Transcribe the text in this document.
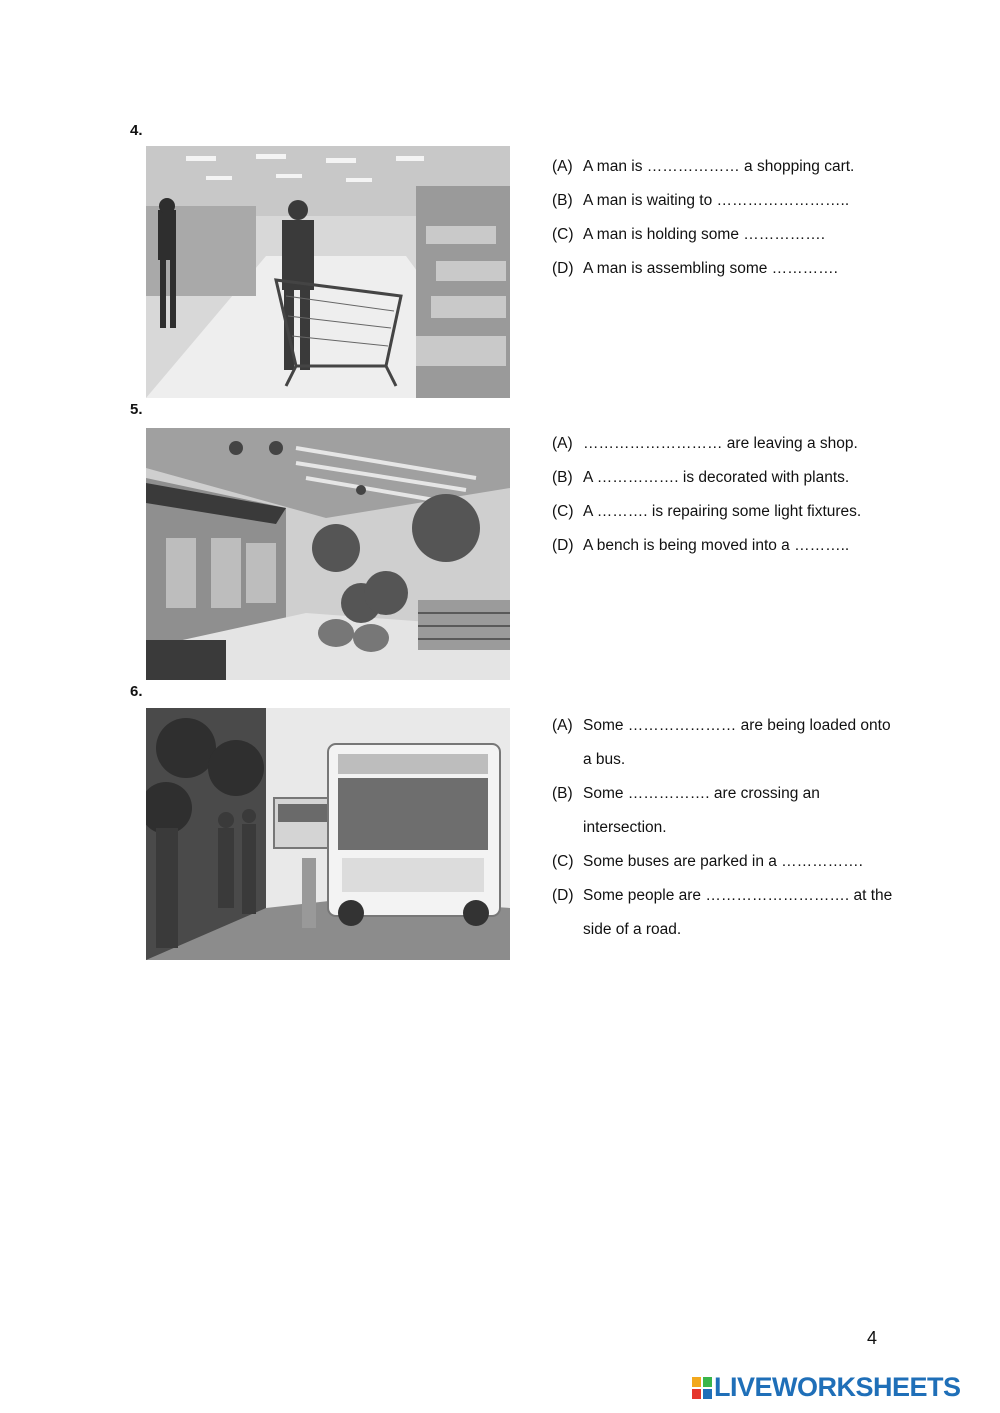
4.
(A) A man is ……………… a shopping cart.
(B) A man is waiting to ……………………..
(C) A man is holding some …………….
(D) A man is assembling some ………….
5.
(A) ……………………… are leaving a shop.
(B) A ……………. is decorated with plants.
(C) A ………. is repairing some light fixtures.
(D) A bench is being moved into a ………..
6.
(A) Some ………………… are being loaded onto a bus.
(B) Some ……………. are crossing an intersection.
(C) Some buses are parked in a …………….
(D) Some people are ………………………. at the side of a road.
4
LIVEWORKSHEETS
